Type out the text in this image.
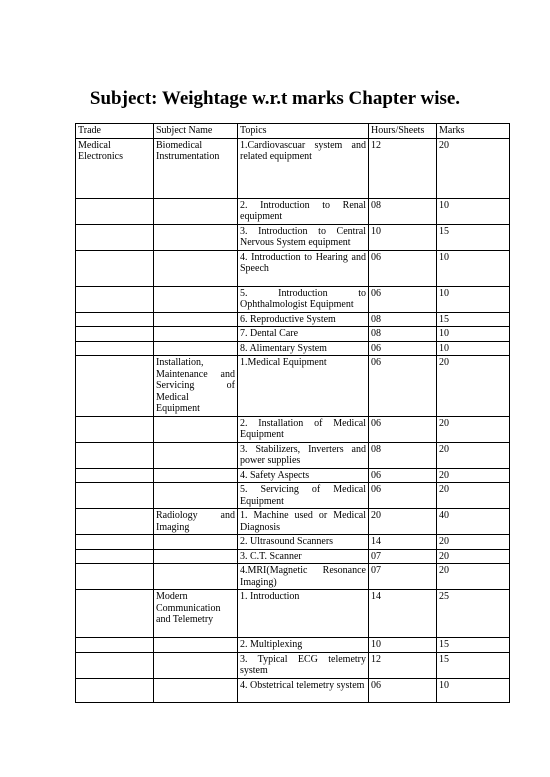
Subject: Weightage w.r.t marks Chapter wise.
Trade	Subject Name	Topics	Hours/Sheets	Marks
Medical Electronics	Biomedical Instrumentation	1.Cardiovascuar system and related equipment	12	20
		2. Introduction to Renal equipment	08	10
		3. Introduction to Central Nervous System equipment	10	15
		4. Introduction to Hearing and Speech	06	10
		5. Introduction to Ophthalmologist Equipment	06	10
		6. Reproductive System	08	15
		7. Dental Care	08	10
		8. Alimentary System	06	10
	Installation, Maintenance and Servicing of Medical Equipment	1.Medical Equipment	06	20
		2. Installation of Medical Equipment	06	20
		3. Stabilizers, Inverters and power supplies	08	20
		4. Safety Aspects	06	20
		5. Servicing of Medical Equipment	06	20
	Radiology and Imaging	1. Machine used or Medical Diagnosis	20	40
		2. Ultrasound Scanners	14	20
		3. C.T. Scanner	07	20
		4.MRI(Magnetic Resonance Imaging)	07	20
	Modern Communication and Telemetry	1. Introduction	14	25
		2. Multiplexing	10	15
		3. Typical ECG telemetry system	12	15
		4. Obstetrical telemetry system	06	10
